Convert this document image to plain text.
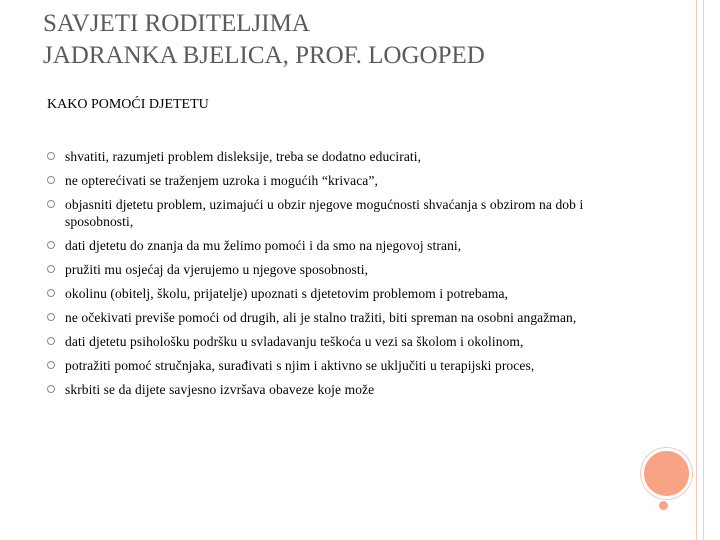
SAVJETI RODITELJIMA
JADRANKA BJELICA, PROF. LOGOPED
KAKO POMOĆI DJETETU
shvatiti, razumjeti problem disleksije, treba se dodatno educirati,
ne opterećivati se traženjem uzroka i mogućih “krivaca”,
objasniti djetetu problem, uzimajući u obzir njegove mogućnosti shvaćanja s obzirom na dob i sposobnosti,
dati djetetu do znanja da mu želimo pomoći i da smo na njegovoj strani,
pružiti mu osjećaj da vjerujemo u njegove sposobnosti,
okolinu (obitelj, školu, prijatelje) upoznati s djetetovim problemom i potrebama,
ne očekivati previše pomoći od drugih, ali je stalno tražiti, biti spreman na osobni angažman,
dati djetetu psihološku podršku u svladavanju teškoća u vezi sa školom i okolinom,
potražiti pomoć stručnjaka, surađivati s njim i aktivno se uključiti u terapijski proces,
skrbiti se da dijete savjesno izvršava obaveze koje može
